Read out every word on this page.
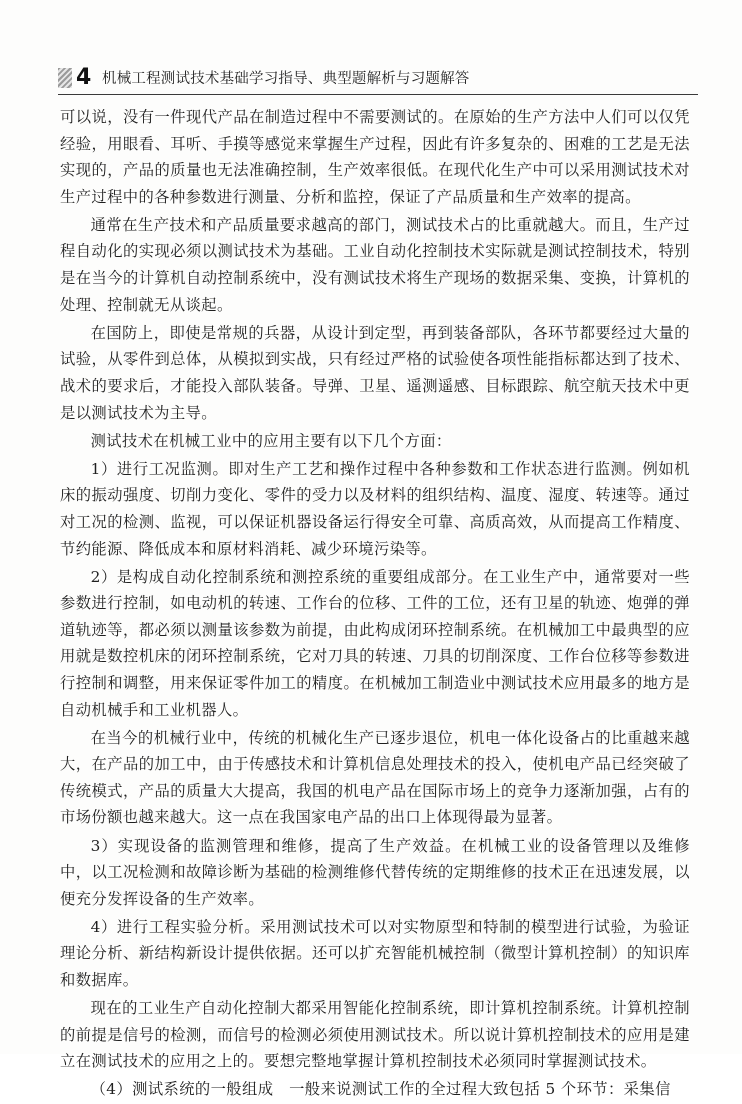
4 机械工程测试技术基础学习指导、典型题解析与习题解答

可以说，没有一件现代产品在制造过程中不需要测试的。在原始的生产方法中人们可以仅凭经验，用眼看、耳听、手摸等感觉来掌握生产过程，因此有许多复杂的、困难的工艺是无法实现的，产品的质量也无法准确控制，生产效率很低。在现代化生产中可以采用测试技术对生产过程中的各种参数进行测量、分析和监控，保证了产品质量和生产效率的提高。

通常在生产技术和产品质量要求越高的部门，测试技术占的比重就越大。而且，生产过程自动化的实现必须以测试技术为基础。工业自动化控制技术实际就是测试控制技术，特别是在当今的计算机自动控制系统中，没有测试技术将生产现场的数据采集、变换，计算机的处理、控制就无从谈起。

在国防上，即使是常规的兵器，从设计到定型，再到装备部队，各环节都要经过大量的试验，从零件到总体，从模拟到实战，只有经过严格的试验使各项性能指标都达到了技术、战术的要求后，才能投入部队装备。导弹、卫星、遥测遥感、目标跟踪、航空航天技术中更是以测试技术为主导。

测试技术在机械工业中的应用主要有以下几个方面：

1）进行工况监测。即对生产工艺和操作过程中各种参数和工作状态进行监测。例如机床的振动强度、切削力变化、零件的受力以及材料的组织结构、温度、湿度、转速等。通过对工况的检测、监视，可以保证机器设备运行得安全可靠、高质高效，从而提高工作精度、节约能源、降低成本和原材料消耗、减少环境污染等。

2）是构成自动化控制系统和测控系统的重要组成部分。在工业生产中，通常要对一些参数进行控制，如电动机的转速、工作台的位移、工件的工位，还有卫星的轨迹、炮弹的弹道轨迹等，都必须以测量该参数为前提，由此构成闭环控制系统。在机械加工中最典型的应用就是数控机床的闭环控制系统，它对刀具的转速、刀具的切削深度、工作台位移等参数进行控制和调整，用来保证零件加工的精度。在机械加工制造业中测试技术应用最多的地方是自动机械手和工业机器人。

在当今的机械行业中，传统的机械化生产已逐步退位，机电一体化设备占的比重越来越大，在产品的加工中，由于传感技术和计算机信息处理技术的投入，使机电产品已经突破了传统模式，产品的质量大大提高，我国的机电产品在国际市场上的竞争力逐渐加强，占有的市场份额也越来越大。这一点在我国家电产品的出口上体现得最为显著。

3）实现设备的监测管理和维修，提高了生产效益。在机械工业的设备管理以及维修中，以工况检测和故障诊断为基础的检测维修代替传统的定期维修的技术正在迅速发展，以便充分发挥设备的生产效率。

4）进行工程实验分析。采用测试技术可以对实物原型和特制的模型进行试验，为验证理论分析、新结构新设计提供依据。还可以扩充智能机械控制（微型计算机控制）的知识库和数据库。

现在的工业生产自动化控制大都采用智能化控制系统，即计算机控制系统。计算机控制的前提是信号的检测，而信号的检测必须使用测试技术。所以说计算机控制技术的应用是建立在测试技术的应用之上的。要想完整地掌握计算机控制技术必须同时掌握测试技术。

（4）测试系统的一般组成　一般来说测试工作的全过程大致包括 5 个环节：采集信
